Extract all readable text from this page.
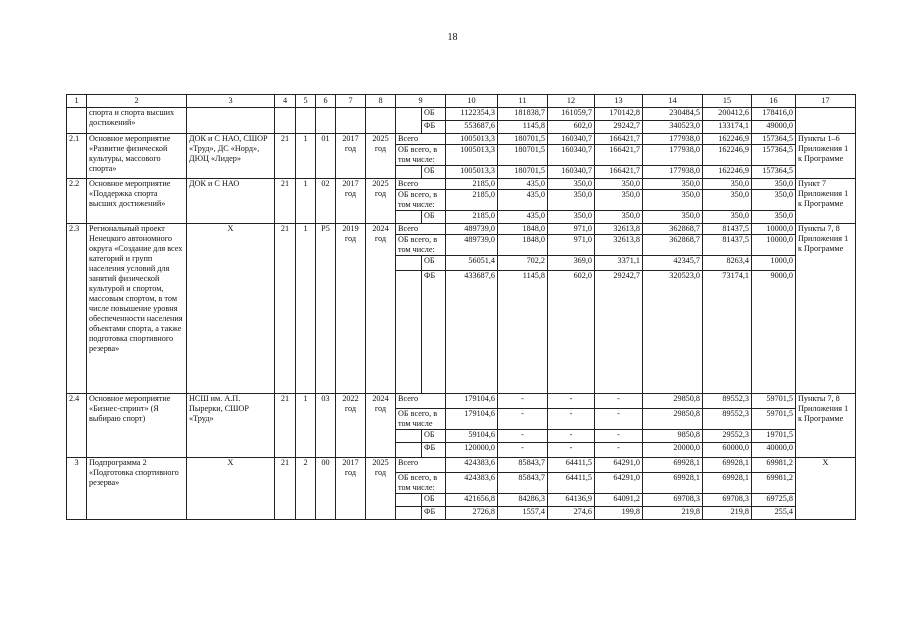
18
1	2	3	4	5	6	7	8	9		10	11	12	13	14	15	16	17
	спорта и спорта высших достижений»								ОБ	1122354,3	181838,7	161059,7	170142,8	230484,5	200412,6	178416,0	
									ФБ	553687,6	1145,8	602,0	29242,7	340523,0	133174,1	49000,0	
2.1	Основное мероприятие «Развитие физической культуры, массового спорта»	ДОК и С НАО, СШОР «Труд», ДС «Норд», ДЮЦ «Лидер»	21	1	01	2017 год	2025 год	Всего		1005013,3	180701,5	160340,7	166421,7	177938,0	162246,9	157364,5	Пункты 1–6 Приложения 1 к Программе
								ОБ всего, в том числе:		1005013,3	180701,5	160340,7	166421,7	177938,0	162246,9	157364,5	
									ОБ	1005013,3	180701,5	160340,7	166421,7	177938,0	162246,9	157364,5	
2.2	Основное мероприятие «Поддержка спорта высших достижений»	ДОК и С НАО	21	1	02	2017 год	2025 год	Всего		2185,0	435,0	350,0	350,0	350,0	350,0	350,0	Пункт 7 Приложения 1 к Программе
								ОБ всего, в том числе:		2185,0	435,0	350,0	350,0	350,0	350,0	350,0	
									ОБ	2185,0	435,0	350,0	350,0	350,0	350,0	350,0	
2.3	Региональный проект Ненецкого автономного округа «Создание для всех категорий и групп населения условий для занятий физической культурой и спортом, массовым спортом, в том числе повышение уровня обеспеченности населения объектами спорта, а также подготовка спортивного резерва»	Х	21	1	Р5	2019 год	2024 год	Всего		489739,0	1848,0	971,0	32613,8	362868,7	81437,5	10000,0	Пункты 7, 8 Приложения 1 к Программе
								ОБ всего, в том числе:		489739,0	1848,0	971,0	32613,8	362868,7	81437,5	10000,0	
									ОБ	56051,4	702,2	369,0	3371,1	42345,7	8263,4	1000,0	
									ФБ	433687,6	1145,8	602,0	29242,7	320523,0	73174,1	9000,0	
2.4	Основное мероприятие «Бизнес-спринт» (Я выбираю спорт)	НСШ им. А.П. Пырерки, СШОР «Труд»	21	1	03	2022 год	2024 год	Всего		179104,6	-	-	-	29850,8	89552,3	59701,5	Пункты 7, 8 Приложения 1 к Программе
								ОБ всего, в том числе		179104,6	-	-	-	29850,8	89552,3	59701,5	
									ОБ	59104,6	-	-	-	9850,8	29552,3	19701,5	
									ФБ	120000,0	-	-	-	20000,0	60000,0	40000,0	
3	Подпрограмма 2 «Подготовка спортивного резерва»	Х	21	2	00	2017 год	2025 год	Всего		424383,6	85843,7	64411,5	64291,0	69928,1	69928,1	69981,2	Х
								ОБ всего, в том числе:		424383,6	85843,7	64411,5	64291,0	69928,1	69928,1	69981,2	
									ОБ	421656,8	84286,3	64136,9	64091,2	69708,3	69708,3	69725,8	
									ФБ	2726,8	1557,4	274,6	199,8	219,8	219,8	255,4	
